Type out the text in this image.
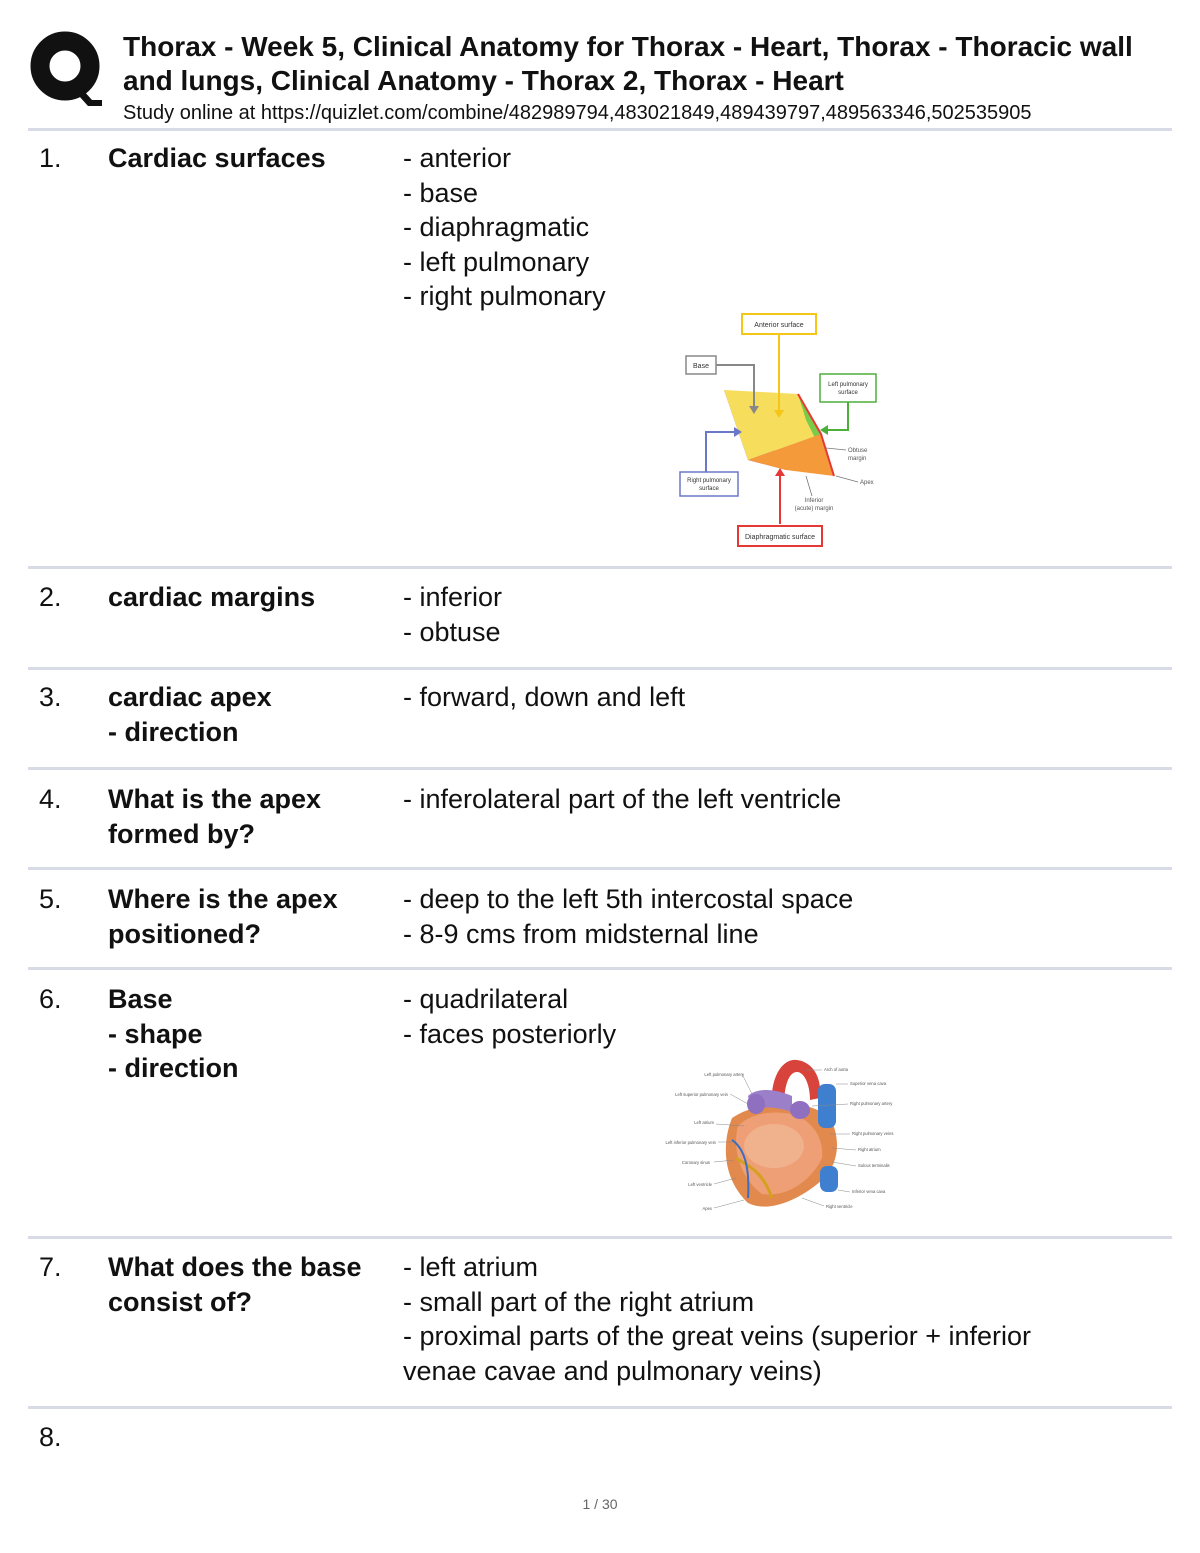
Thorax - Week 5, Clinical Anatomy for Thorax - Heart, Thorax - Thoracic wall
and lungs, Clinical Anatomy - Thorax 2, Thorax - Heart
Study online at https://quizlet.com/combine/482989794,483021849,489439797,489563346,502535905
1. Cardiac surfaces	- anterior
- base
- diaphragmatic
- left pulmonary
- right pulmonary
Anterior surface
Base
Left pulmonary surface
Right pulmonary surface
Obtuse margin
Apex
Inferior (acute) margin
Diaphragmatic surface
2. cardiac margins	- inferior
- obtuse
3. cardiac apex
- direction
- forward, down and left
4. What is the apex
formed by?
- inferolateral part of the left ventricle
5. Where is the apex
positioned?
- deep to the left 5th intercostal space
- 8-9 cms from midsternal line
6. Base
- shape
- direction
- quadrilateral
- faces posteriorly
Left pulmonary artery
Left superior pulmonary vein
Left atrium
Left inferior pulmonary vein
Coronary sinus
Left ventricle
Apex
Arch of aorta
Superior vena cava
Right pulmonary artery
Right pulmonary veins
Right atrium
Sulcus terminalis
Inferior vena cava
Right ventricle
7. What does the base
consist of?
- left atrium
- small part of the right atrium
- proximal parts of the great veins (superior + inferior
venae cavae and pulmonary veins)
8.
1 / 30
